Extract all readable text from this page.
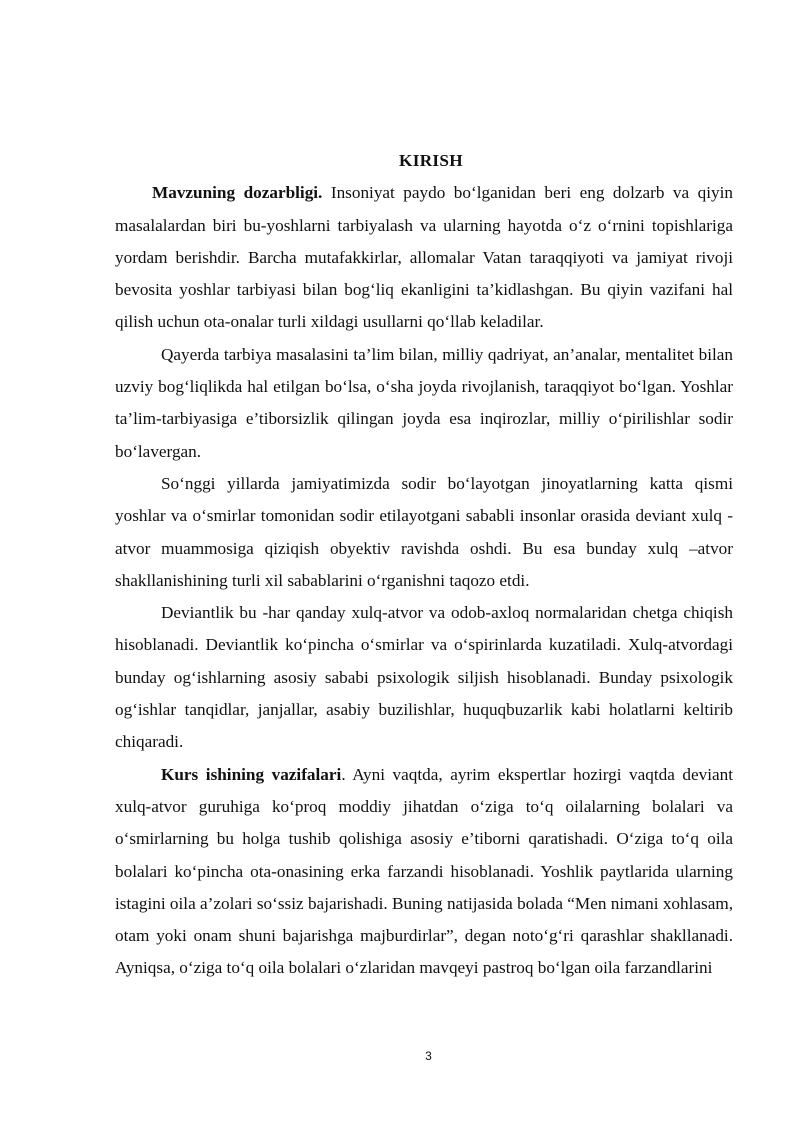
KIRISH

Mavzuning dozarbligi. Insoniyat paydo bo‘lganidan beri eng dolzarb va qiyin masalalardan biri bu-yoshlarni tarbiyalash va ularning hayotda o‘z o‘rnini topishlariga yordam berishdir. Barcha mutafakkirlar, allomalar Vatan taraqqiyoti va jamiyat rivoji bevosita yoshlar tarbiyasi bilan bog‘liq ekanligini ta’kidlashgan. Bu qiyin vazifani hal qilish uchun ota-onalar turli xildagi usullarni qo‘llab keladilar.

Qayerda tarbiya masalasini ta’lim bilan, milliy qadriyat, an’analar, mentalitet bilan uzviy bog‘liqlikda hal etilgan bo‘lsa, o‘sha joyda rivojlanish, taraqqiyot bo‘lgan. Yoshlar ta’lim-tarbiyasiga e’tiborsizlik qilingan joyda esa inqirozlar, milliy o‘pirilishlar sodir bo‘lavergan.

So‘nggi yillarda jamiyatimizda sodir bo‘layotgan jinoyatlarning katta qismi yoshlar va o‘smirlar tomonidan sodir etilayotgani sababli insonlar orasida deviant xulq - atvor muammosiga qiziqish obyektiv ravishda oshdi. Bu esa bunday xulq –atvor shakllanishining turli xil sabablarini o‘rganishni taqozo etdi.

Deviantlik bu -har qanday xulq-atvor va odob-axloq normalaridan chetga chiqish hisoblanadi. Deviantlik ko‘pincha o‘smirlar va o‘spirinlarda kuzatiladi. Xulq-atvordagi bunday og‘ishlarning asosiy sababi psixologik siljish hisoblanadi. Bunday psixologik og‘ishlar tanqidlar, janjallar, asabiy buzilishlar, huquqbuzarlik kabi holatlarni keltirib chiqaradi.

Kurs ishining vazifalari. Ayni vaqtda, ayrim ekspertlar hozirgi vaqtda deviant xulq-atvor guruhiga ko‘proq moddiy jihatdan o‘ziga to‘q oilalarning bolalari va o‘smirlarning bu holga tushib qolishiga asosiy e’tiborni qaratishadi. O‘ziga to‘q oila bolalari ko‘pincha ota-onasining erka farzandi hisoblanadi. Yoshlik paytlarida ularning istagini oila a’zolari so‘ssiz bajarishadi. Buning natijasida bolada “Men nimani xohlasam, otam yoki onam shuni bajarishga majburdirlar”, degan noto‘g‘ri qarashlar shakllanadi. Ayniqsa, o‘ziga to‘q oila bolalari o‘zlaridan mavqeyi pastroq bo‘lgan oila farzandlarini

3
